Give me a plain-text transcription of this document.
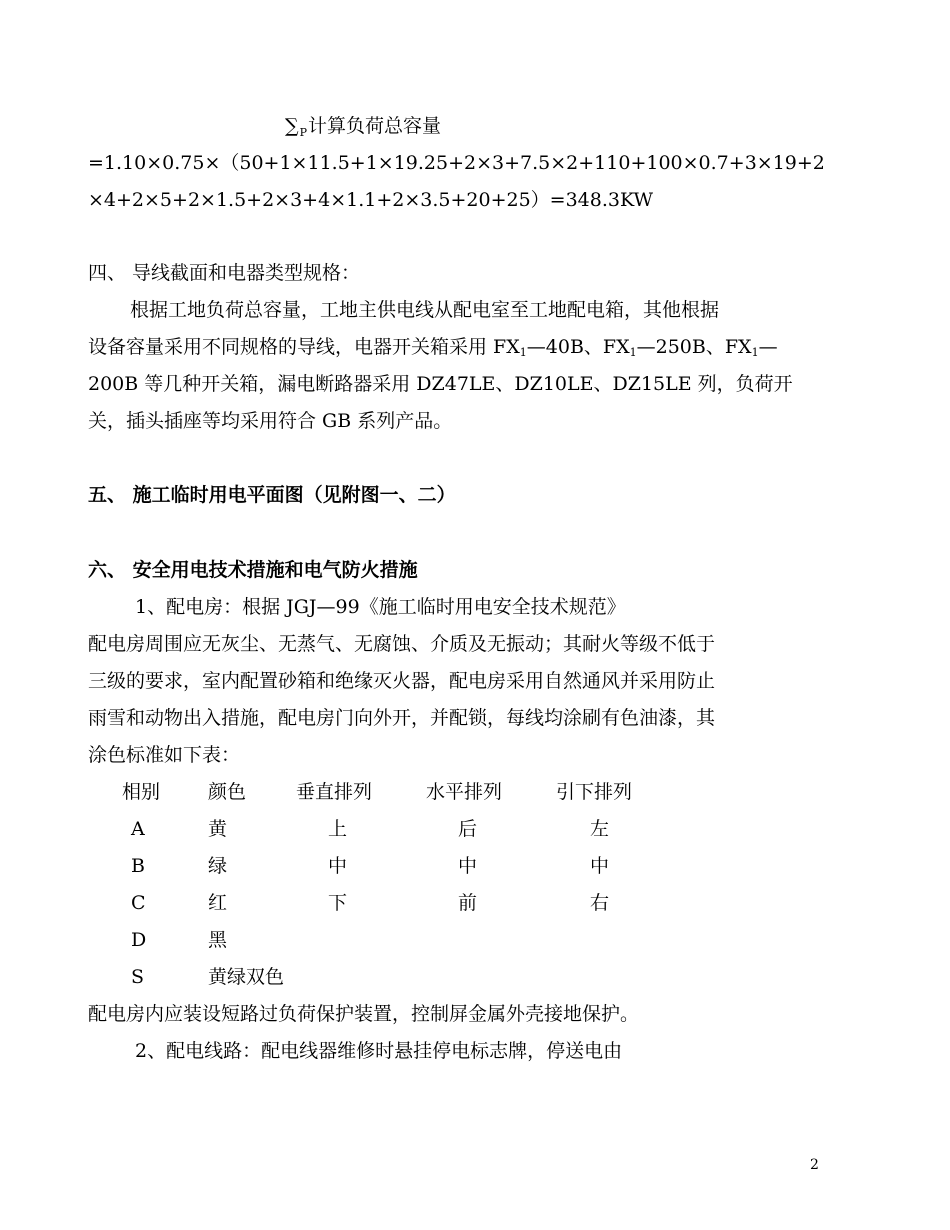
$\sum_P$计算负荷总容量
=1.10×0.75×（50+1×11.5+1×19.25+2×3+7.5×2+110+100×0.7+3×19+2
×4+2×5+2×1.5+2×3+4×1.1+2×3.5+20+25）=348.3KW
四、 导线截面和电器类型规格：
根据工地负荷总容量，工地主供电线从配电室至工地配电箱，其他根据
设备容量采用不同规格的导线，电器开关箱采用 $FX_1—40B$、$FX_1—250B$、$FX_1—$
200B 等几种开关箱，漏电断路器采用 DZ47LE、DZ10LE、DZ15LE 列，负荷开
关，插头插座等均采用符合 GB 系列产品。
五、 施工临时用电平面图（见附图一、二）
六、 安全用电技术措施和电气防火措施
1、配电房：根据 JGJ—99《施工临时用电安全技术规范》
配电房周围应无灰尘、无蒸气、无腐蚀、介质及无振动；其耐火等级不低于
三级的要求，室内配置砂箱和绝缘灭火器，配电房采用自然通风并采用防止
雨雪和动物出入措施，配电房门向外开，并配锁，每线均涂刷有色油漆，其
涂色标准如下表：
相别	颜色	垂直排列	水平排列	引下排列
A	黄	上	后	左
B	绿	中	中	中
C	红	下	前	右
D	黑
S	黄绿双色
配电房内应装设短路过负荷保护装置，控制屏金属外壳接地保护。
2、配电线路：配电线器维修时悬挂停电标志牌，停送电由
2
